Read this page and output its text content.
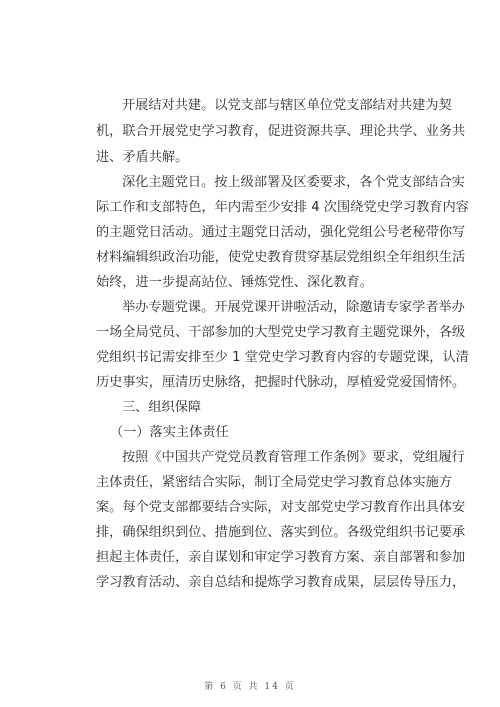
开展结对共建。以党支部与辖区单位党支部结对共建为契
机，联合开展党史学习教育，促进资源共享、理论共学、业务共
进、矛盾共解。
深化主题党日。按上级部署及区委要求，各个党支部结合实
际工作和支部特色，年内需至少安排 4 次围绕党史学习教育内容
的主题党日活动。通过主题党日活动，强化党组公号老秘带你写
材料编辑织政治功能，使党史教育贯穿基层党组织全年组织生活
始终，进一步提高站位、锤炼党性、深化教育。
举办专题党课。开展党课开讲啦活动，除邀请专家学者举办
一场全局党员、干部参加的大型党史学习教育主题党课外，各级
党组织书记需安排至少 1 堂党史学习教育内容的专题党课，认清
历史事实，厘清历史脉络，把握时代脉动，厚植爱党爱国情怀。
三、组织保障
（一）落实主体责任
按照《中国共产党党员教育管理工作条例》要求，党组履行
主体责任，紧密结合实际，制订全局党史学习教育总体实施方
案。每个党支部都要结合实际，对支部党史学习教育作出具体安
排，确保组织到位、措施到位、落实到位。各级党组织书记要承
担起主体责任，亲自谋划和审定学习教育方案、亲自部署和参加
学习教育活动、亲自总结和提炼学习教育成果，层层传导压力，
第 6 页 共 14 页
